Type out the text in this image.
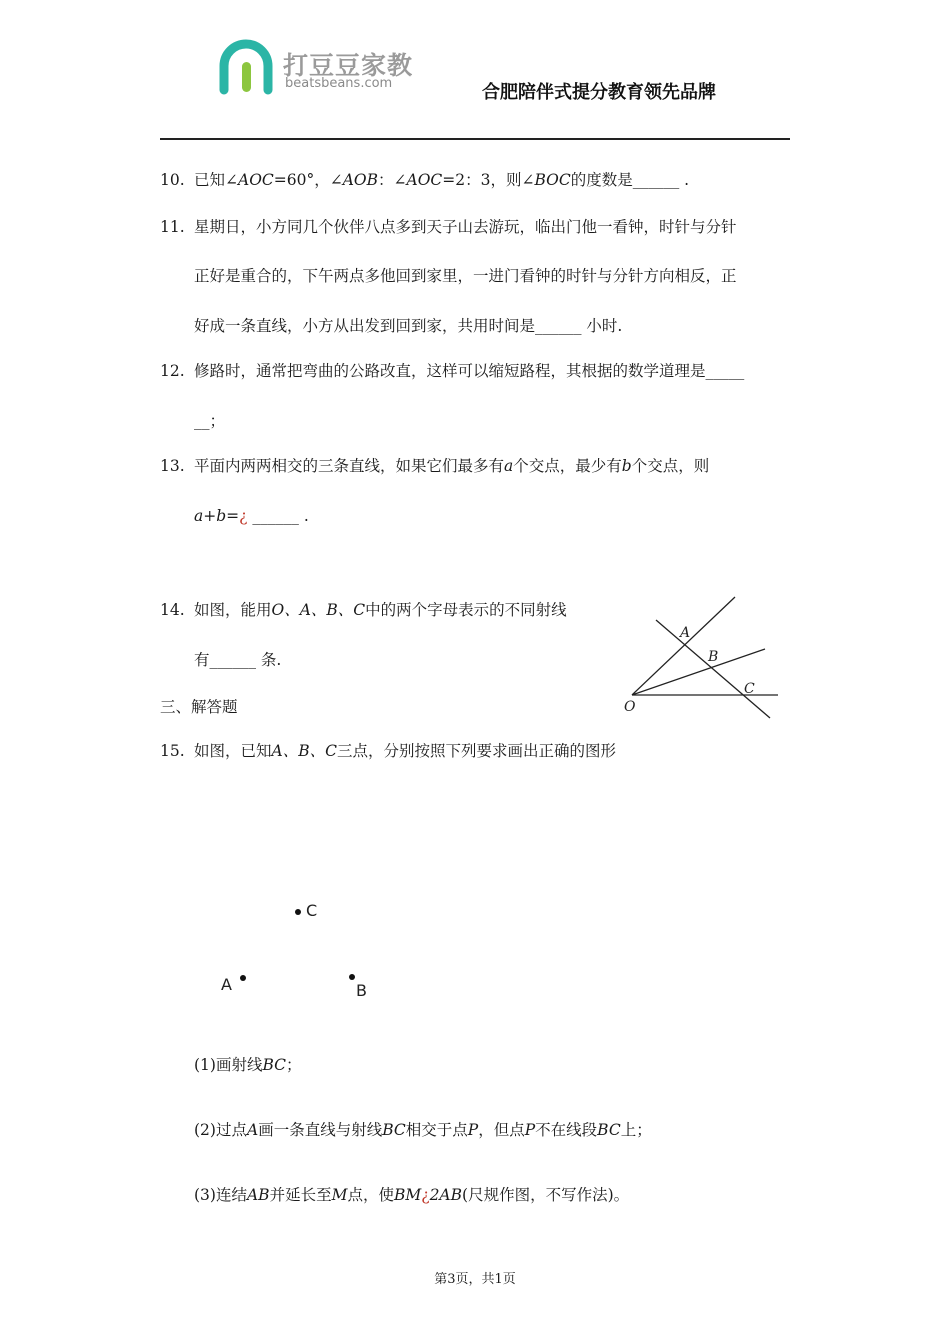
打豆豆家教
beatsbeans.com	合肥陪伴式提分教育领先品牌
10. 已知∠AOC=60°，∠AOB：∠AOC=2：3，则∠BOC的度数是______ .
11. 星期日，小方同几个伙伴八点多到天子山去游玩，临出门他一看钟，时针与分针
正好是重合的，下午两点多他回到家里，一进门看钟的时针与分针方向相反，正
好成一条直线，小方从出发到回到家，共用时间是______ 小时.
12. 修路时，通常把弯曲的公路改直，这样可以缩短路程，其根据的数学道理是_____
__；
13. 平面内两两相交的三条直线，如果它们最多有a个交点，最少有b个交点，则
a+b=¿ ______ .
14. 如图，能用O、A、B、C中的两个字母表示的不同射线
有______ 条.
A
B
C
O
三、解答题
15. 如图，已知A、B、C三点，分别按照下列要求画出正确的图形
C
A	B
(1)画射线BC；
(2)过点A画一条直线与射线BC相交于点P，但点P不在线段BC上；
(3)连结AB并延长至M点，使BM¿2AB(尺规作图，不写作法)。
第3页，共1页
